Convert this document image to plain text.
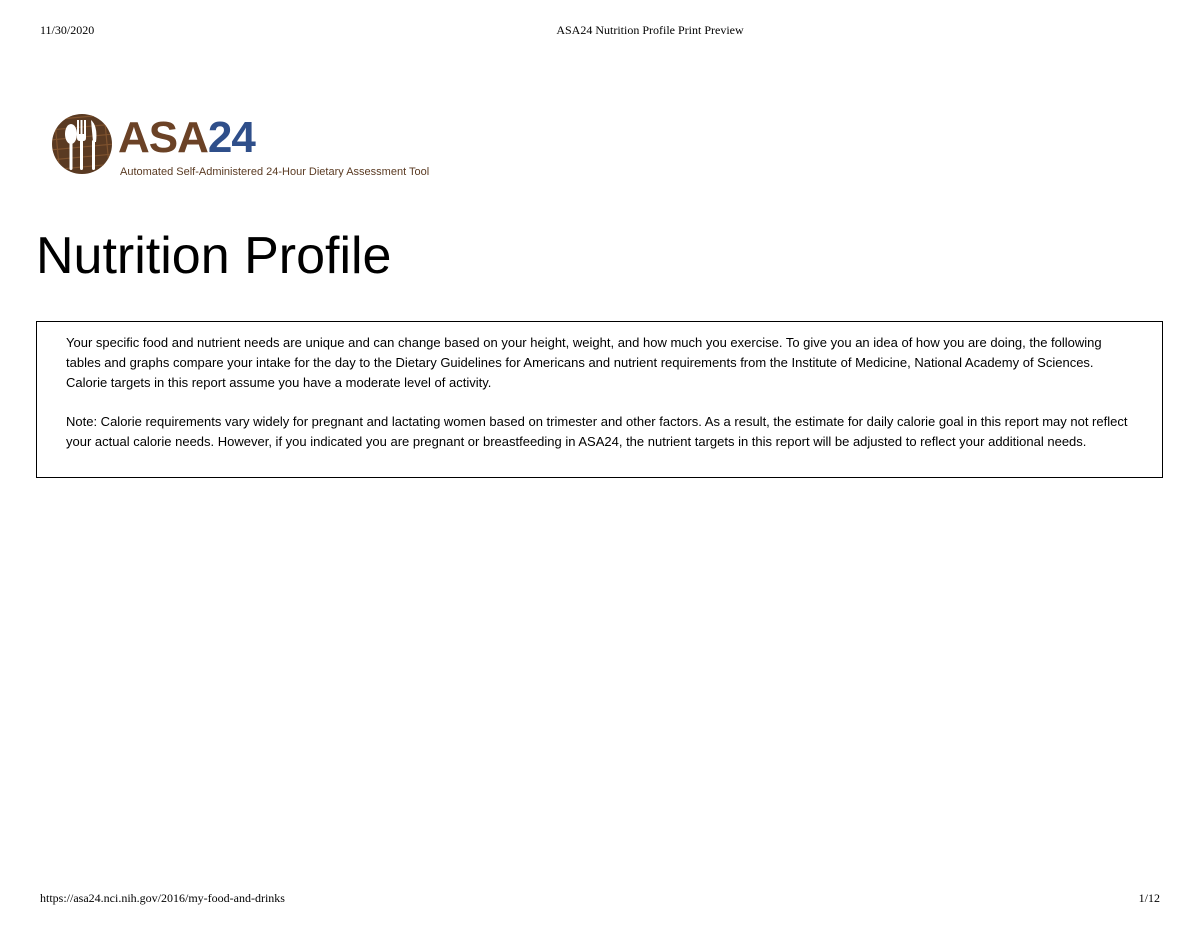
11/30/2020	ASA24 Nutrition Profile Print Preview
ASA24
Automated Self-Administered 24-Hour Dietary Assessment Tool
Nutrition Profile

Your specific food and nutrient needs are unique and can change based on your height, weight, and how much you exercise. To give you an idea of how you are doing, the following tables and graphs compare your intake for the day to the Dietary Guidelines for Americans and nutrient requirements from the Institute of Medicine, National Academy of Sciences. Calorie targets in this report assume you have a moderate level of activity.

Note: Calorie requirements vary widely for pregnant and lactating women based on trimester and other factors. As a result, the estimate for daily calorie goal in this report may not reflect your actual calorie needs. However, if you indicated you are pregnant or breastfeeding in ASA24, the nutrient targets in this report will be adjusted to reflect your additional needs.

https://asa24.nci.nih.gov/2016/my-food-and-drinks	1/12
